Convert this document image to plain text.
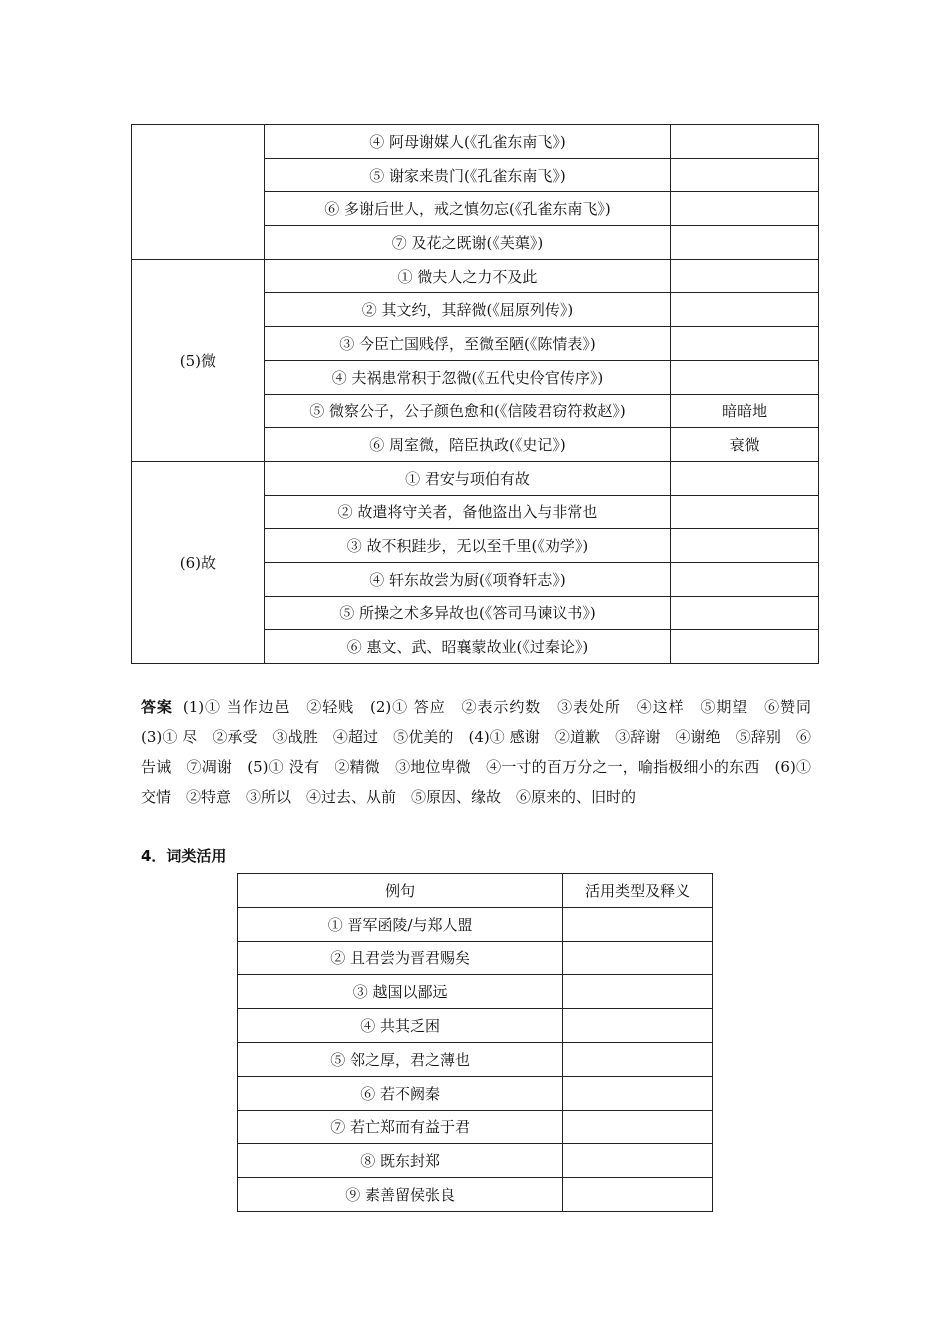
	④ 阿母谢媒人(《孔雀东南飞》)	
	⑤ 谢家来贵门(《孔雀东南飞》)	
	⑥ 多谢后世人，戒之慎勿忘(《孔雀东南飞》)	
	⑦ 及花之既谢(《芙蕖》)	
(5)微	① 微夫人之力不及此	
	② 其文约，其辞微(《屈原列传》)	
	③ 今臣亡国贱俘，至微至陋(《陈情表》)	
	④ 夫祸患常积于忽微(《五代史伶官传序》)	
	⑤ 微察公子，公子颜色愈和(《信陵君窃符救赵》)	暗暗地
	⑥ 周室微，陪臣执政(《史记》)	衰微
(6)故	① 君安与项伯有故	
	② 故遣将守关者，备他盗出入与非常也	
	③ 故不积跬步，无以至千里(《劝学》)	
	④ 轩东故尝为厨(《项脊轩志》)	
	⑤ 所操之术多异故也(《答司马谏议书》)	
	⑥ 惠文、武、昭襄蒙故业(《过秦论》)	
答案 (1)① 当作边邑　②轻贱　(2)① 答应　②表示约数　③表处所　④这样　⑤期望　⑥赞同　(3)① 尽　②承受　③战胜　④超过　⑤优美的　(4)① 感谢　②道歉　③辞谢　④谢绝　⑤辞别　⑥告诫　⑦凋谢　(5)① 没有　②精微　③地位卑微　④一寸的百万分之一，喻指极细小的东西　(6)① 交情　②特意　③所以　④过去、从前　⑤原因、缘故　⑥原来的、旧时的
4．词类活用
例句	活用类型及释义
① 晋军函陵/与郑人盟	
② 且君尝为晋君赐矣	
③ 越国以鄙远	
④ 共其乏困	
⑤ 邻之厚，君之薄也	
⑥ 若不阙秦	
⑦ 若亡郑而有益于君	
⑧ 既东封郑	
⑨ 素善留侯张良	
